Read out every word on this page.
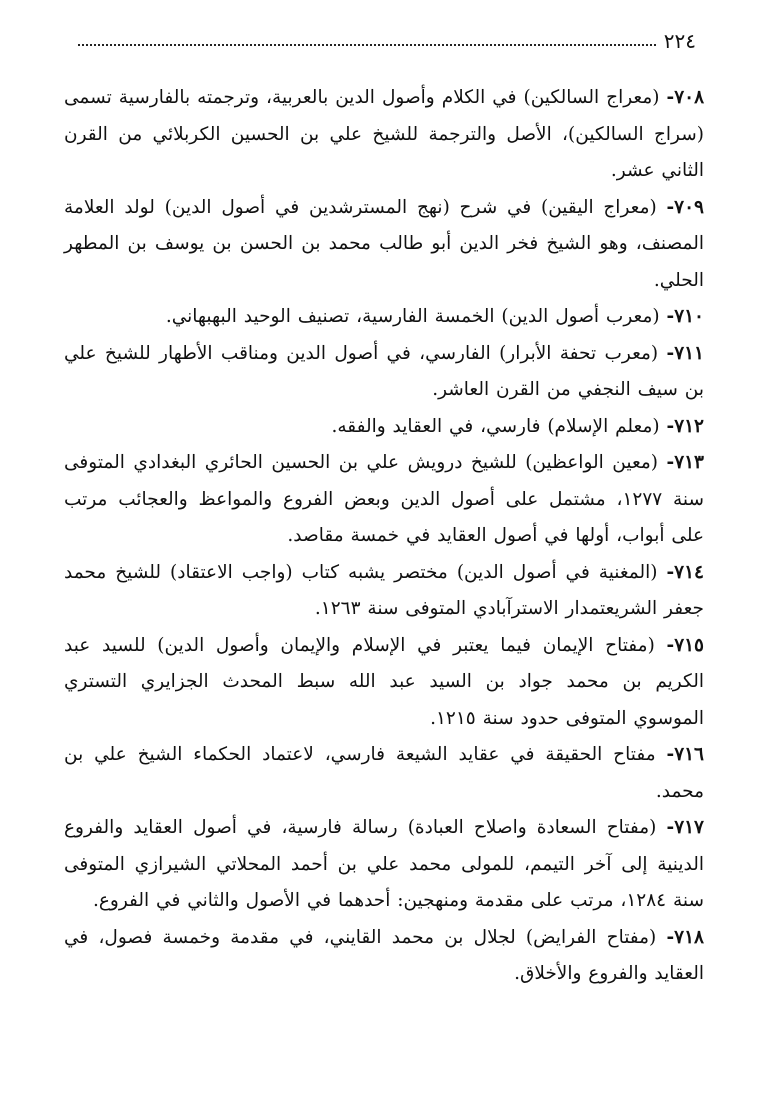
٢٢٤

٧٠٨- (معراج السالكين) في الكلام وأصول الدين بالعربية، وترجمته بالفارسية تسمى (سراج السالكين)، الأصل والترجمة للشيخ علي بن الحسين الكربلائي من القرن الثاني عشر.

٧٠٩- (معراج اليقين) في شرح (نهج المسترشدين في أصول الدين) لولد العلامة المصنف، وهو الشيخ فخر الدين أبو طالب محمد بن الحسن بن يوسف بن المطهر الحلي.

٧١٠- (معرب أصول الدين) الخمسة الفارسية، تصنيف الوحيد البهبهاني.

٧١١- (معرب تحفة الأبرار) الفارسي، في أصول الدين ومناقب الأطهار للشيخ علي بن سيف النجفي من القرن العاشر.

٧١٢- (معلم الإسلام) فارسي، في العقايد والفقه.

٧١٣- (معين الواعظين) للشيخ درويش علي بن الحسين الحائري البغدادي المتوفى سنة ١٢٧٧، مشتمل على أصول الدين وبعض الفروع والمواعظ والعجائب مرتب على أبواب، أولها في أصول العقايد في خمسة مقاصد.

٧١٤- (المغنية في أصول الدين) مختصر يشبه كتاب (واجب الاعتقاد) للشيخ محمد جعفر الشريعتمدار الاسترآبادي المتوفى سنة ١٢٦٣.

٧١٥- (مفتاح الإيمان فيما يعتبر في الإسلام والإيمان وأصول الدين) للسيد عبد الكريم بن محمد جواد بن السيد عبد الله سبط المحدث الجزايري التستري الموسوي المتوفى حدود سنة ١٢١٥.

٧١٦- مفتاح الحقيقة في عقايد الشيعة فارسي، لاعتماد الحكماء الشيخ علي بن محمد.

٧١٧- (مفتاح السعادة واصلاح العبادة) رسالة فارسية، في أصول العقايد والفروع الدينية إلى آخر التيمم، للمولى محمد علي بن أحمد المحلاتي الشيرازي المتوفى سنة ١٢٨٤، مرتب على مقدمة ومنهجين: أحدهما في الأصول والثاني في الفروع.

٧١٨- (مفتاح الفرايض) لجلال بن محمد القايني، في مقدمة وخمسة فصول، في العقايد والفروع والأخلاق.
